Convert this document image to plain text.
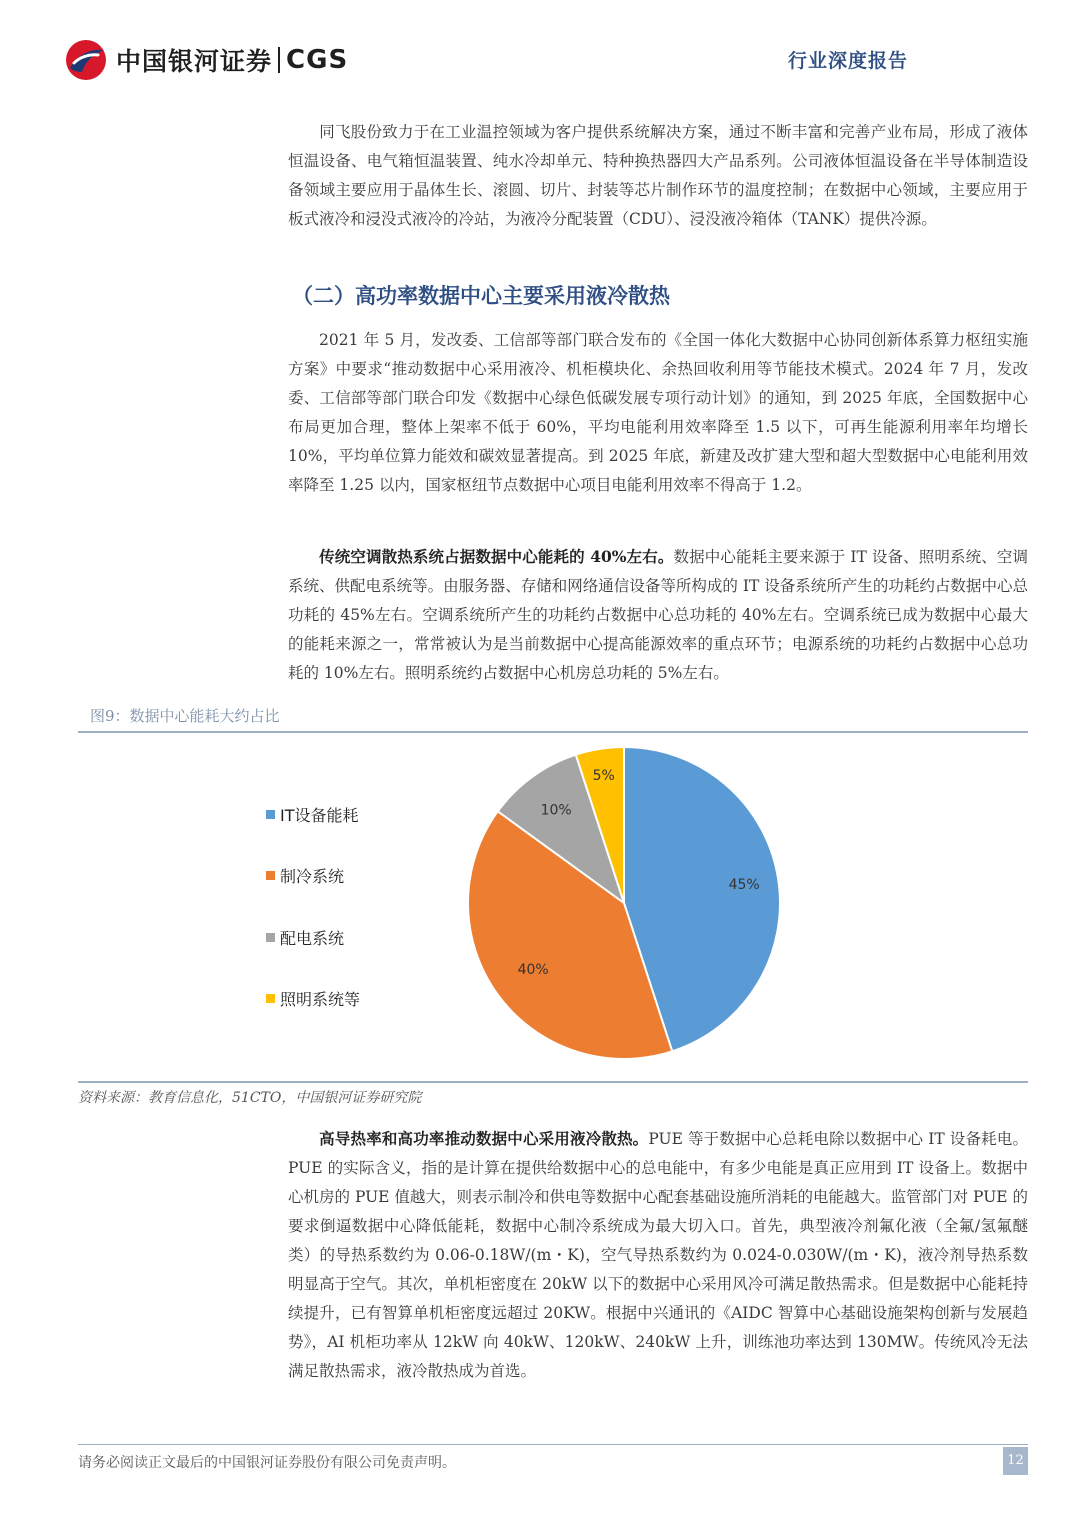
中国银河证券 CGS	行业深度报告

同飞股份致力于在工业温控领域为客户提供系统解决方案，通过不断丰富和完善产业布局，形成了液体恒温设备、电气箱恒温装置、纯水冷却单元、特种换热器四大产品系列。公司液体恒温设备在半导体制造设备领域主要应用于晶体生长、滚圆、切片、封装等芯片制作环节的温度控制；在数据中心领域，主要应用于板式液冷和浸没式液冷的冷站，为液冷分配装置（CDU）、浸没液冷箱体（TANK）提供冷源。

（二）高功率数据中心主要采用液冷散热

2021 年 5 月，发改委、工信部等部门联合发布的《全国一体化大数据中心协同创新体系算力枢纽实施方案》中要求“推动数据中心采用液冷、机柜模块化、余热回收利用等节能技术模式。2024 年 7 月，发改委、工信部等部门联合印发《数据中心绿色低碳发展专项行动计划》的通知，到 2025 年底，全国数据中心布局更加合理，整体上架率不低于 60%，平均电能利用效率降至 1.5 以下，可再生能源利用率年均增长 10%，平均单位算力能效和碳效显著提高。到 2025 年底，新建及改扩建大型和超大型数据中心电能利用效率降至 1.25 以内，国家枢纽节点数据中心项目电能利用效率不得高于 1.2。

传统空调散热系统占据数据中心能耗的 40%左右。数据中心能耗主要来源于 IT 设备、照明系统、空调系统、供配电系统等。由服务器、存储和网络通信设备等所构成的 IT 设备系统所产生的功耗约占数据中心总功耗的 45%左右。空调系统所产生的功耗约占数据中心总功耗的 40%左右。空调系统已成为数据中心最大的能耗来源之一，常常被认为是当前数据中心提高能源效率的重点环节；电源系统的功耗约占数据中心总功耗的 10%左右。照明系统约占数据中心机房总功耗的 5%左右。

图9：数据中心能耗大约占比
IT设备能耗
制冷系统
配电系统
照明系统等
45%
40%
10%
5%
资料来源：教育信息化，51CTO，中国银河证券研究院

高导热率和高功率推动数据中心采用液冷散热。PUE 等于数据中心总耗电除以数据中心 IT 设备耗电。PUE 的实际含义，指的是计算在提供给数据中心的总电能中，有多少电能是真正应用到 IT 设备上。数据中心机房的 PUE 值越大，则表示制冷和供电等数据中心配套基础设施所消耗的电能越大。监管部门对 PUE 的要求倒逼数据中心降低能耗，数据中心制冷系统成为最大切入口。首先，典型液冷剂氟化液（全氟/氢氟醚类）的导热系数约为 0.06-0.18W/(m・K)，空气导热系数约为 0.024-0.030W/(m・K)，液冷剂导热系数明显高于空气。其次，单机柜密度在 20kW 以下的数据中心采用风冷可满足散热需求。但是数据中心能耗持续提升，已有智算单机柜密度远超过 20KW。根据中兴通讯的《AIDC 智算中心基础设施架构创新与发展趋势》，AI 机柜功率从 12kW 向 40kW、120kW、240kW 上升，训练池功率达到 130MW。传统风冷无法满足散热需求，液冷散热成为首选。

请务必阅读正文最后的中国银河证券股份有限公司免责声明。	12
